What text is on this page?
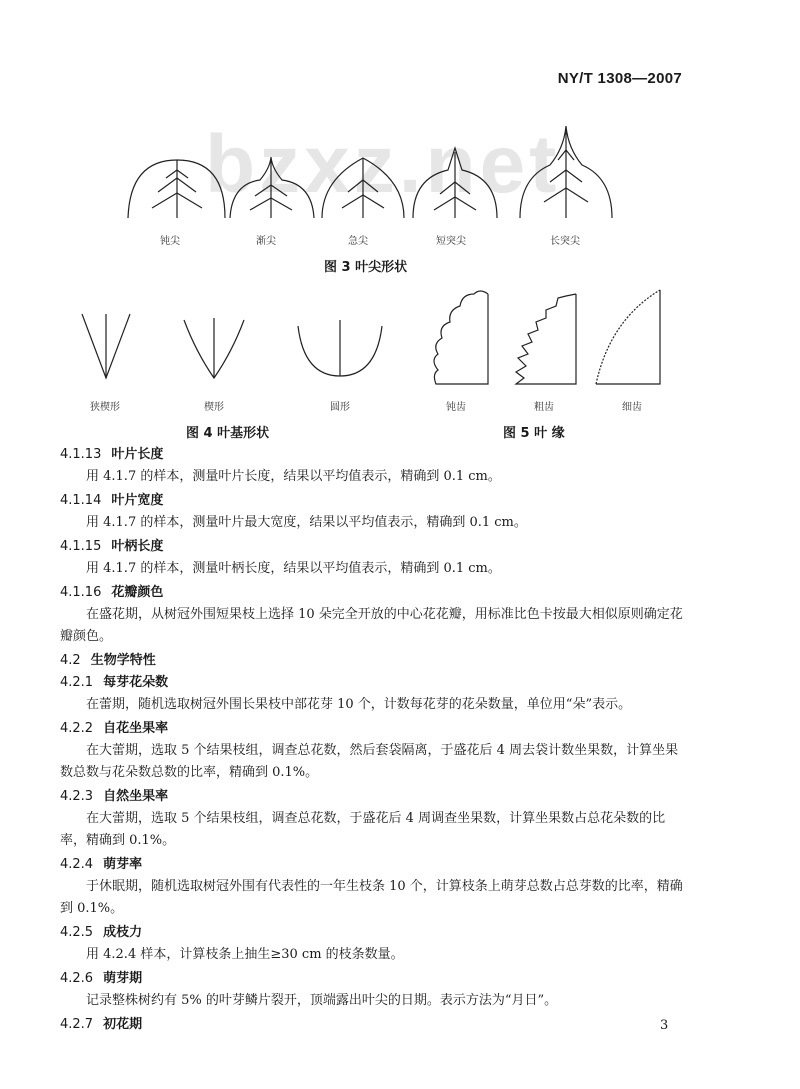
NY/T 1308—2007
bzxz.net
钝尖	渐尖	急尖	短突尖	长突尖
图 3 叶尖形状
狭楔形	楔形	圆形
图 4 叶基形状
钝齿	粗齿	细齿
图 5 叶 缘
4.1.13 叶片长度
用 4.1.7 的样本，测量叶片长度，结果以平均值表示，精确到 0.1 cm。
4.1.14 叶片宽度
用 4.1.7 的样本，测量叶片最大宽度，结果以平均值表示，精确到 0.1 cm。
4.1.15 叶柄长度
用 4.1.7 的样本，测量叶柄长度，结果以平均值表示，精确到 0.1 cm。
4.1.16 花瓣颜色
在盛花期，从树冠外围短果枝上选择 10 朵完全开放的中心花花瓣，用标准比色卡按最大相似原则确定花瓣颜色。
4.2 生物学特性
4.2.1 每芽花朵数
在蕾期，随机选取树冠外围长果枝中部花芽 10 个，计数每花芽的花朵数量，单位用“朵”表示。
4.2.2 自花坐果率
在大蕾期，选取 5 个结果枝组，调查总花数，然后套袋隔离，于盛花后 4 周去袋计数坐果数，计算坐果数总数与花朵数总数的比率，精确到 0.1%。
4.2.3 自然坐果率
在大蕾期，选取 5 个结果枝组，调查总花数，于盛花后 4 周调查坐果数，计算坐果数占总花朵数的比率，精确到 0.1%。
4.2.4 萌芽率
于休眠期，随机选取树冠外围有代表性的一年生枝条 10 个，计算枝条上萌芽总数占总芽数的比率，精确到 0.1%。
4.2.5 成枝力
用 4.2.4 样本，计算枝条上抽生≥30 cm 的枝条数量。
4.2.6 萌芽期
记录整株树约有 5% 的叶芽鳞片裂开，顶端露出叶尖的日期。表示方法为“月日”。
4.2.7 初花期	3
